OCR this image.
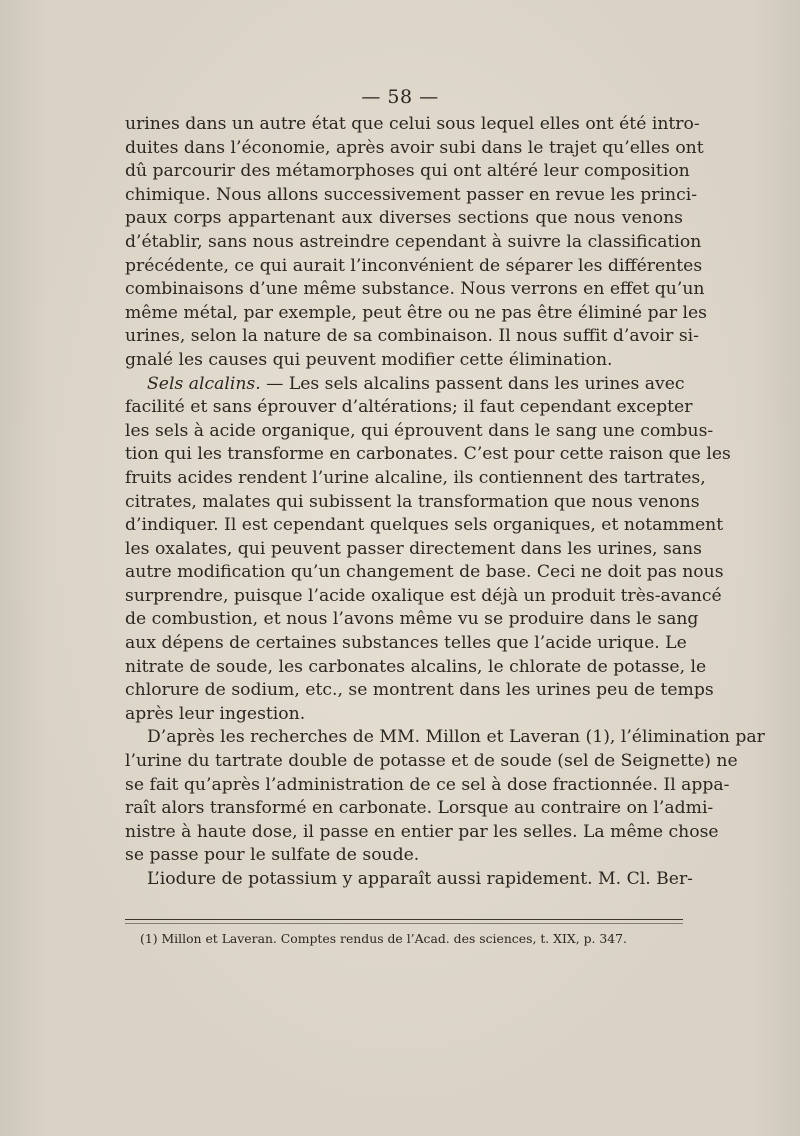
— 58 —
urines dans un autre état que celui sous lequel elles ont été intro-
duites dans l’économie, après avoir subi dans le trajet qu’elles ont
dû parcourir des métamorphoses qui ont altéré leur composition
chimique. Nous allons successivement passer en revue les princi-
paux corps appartenant aux diverses sections que nous venons
d’établir, sans nous astreindre cependant à suivre la classification
précédente, ce qui aurait l’inconvénient de séparer les différentes
combinaisons d’une même substance. Nous verrons en effet qu’un
même métal, par exemple, peut être ou ne pas être éliminé par les
urines, selon la nature de sa combinaison. Il nous suffit d’avoir si-
gnalé les causes qui peuvent modifier cette élimination.
Sels alcalins. — Les sels alcalins passent dans les urines avec
facilité et sans éprouver d’altérations; il faut cependant excepter
les sels à acide organique, qui éprouvent dans le sang une combus-
tion qui les transforme en carbonates. C’est pour cette raison que les
fruits acides rendent l’urine alcaline, ils contiennent des tartrates,
citrates, malates qui subissent la transformation que nous venons
d’indiquer. Il est cependant quelques sels organiques, et notamment
les oxalates, qui peuvent passer directement dans les urines, sans
autre modification qu’un changement de base. Ceci ne doit pas nous
surprendre, puisque l’acide oxalique est déjà un produit très-avancé
de combustion, et nous l’avons même vu se produire dans le sang
aux dépens de certaines substances telles que l’acide urique. Le
nitrate de soude, les carbonates alcalins, le chlorate de potasse, le
chlorure de sodium, etc., se montrent dans les urines peu de temps
après leur ingestion.
D’après les recherches de MM. Millon et Laveran (1), l’élimination par
l’urine du tartrate double de potasse et de soude (sel de Seignette) ne
se fait qu’après l’administration de ce sel à dose fractionnée. Il appa-
raît alors transformé en carbonate. Lorsque au contraire on l’admi-
nistre à haute dose, il passe en entier par les selles. La même chose
se passe pour le sulfate de soude.
L’iodure de potassium y apparaît aussi rapidement. M. Cl. Ber-
(1) Millon et Laveran. Comptes rendus de l’Acad. des sciences, t. XIX, p. 347.
